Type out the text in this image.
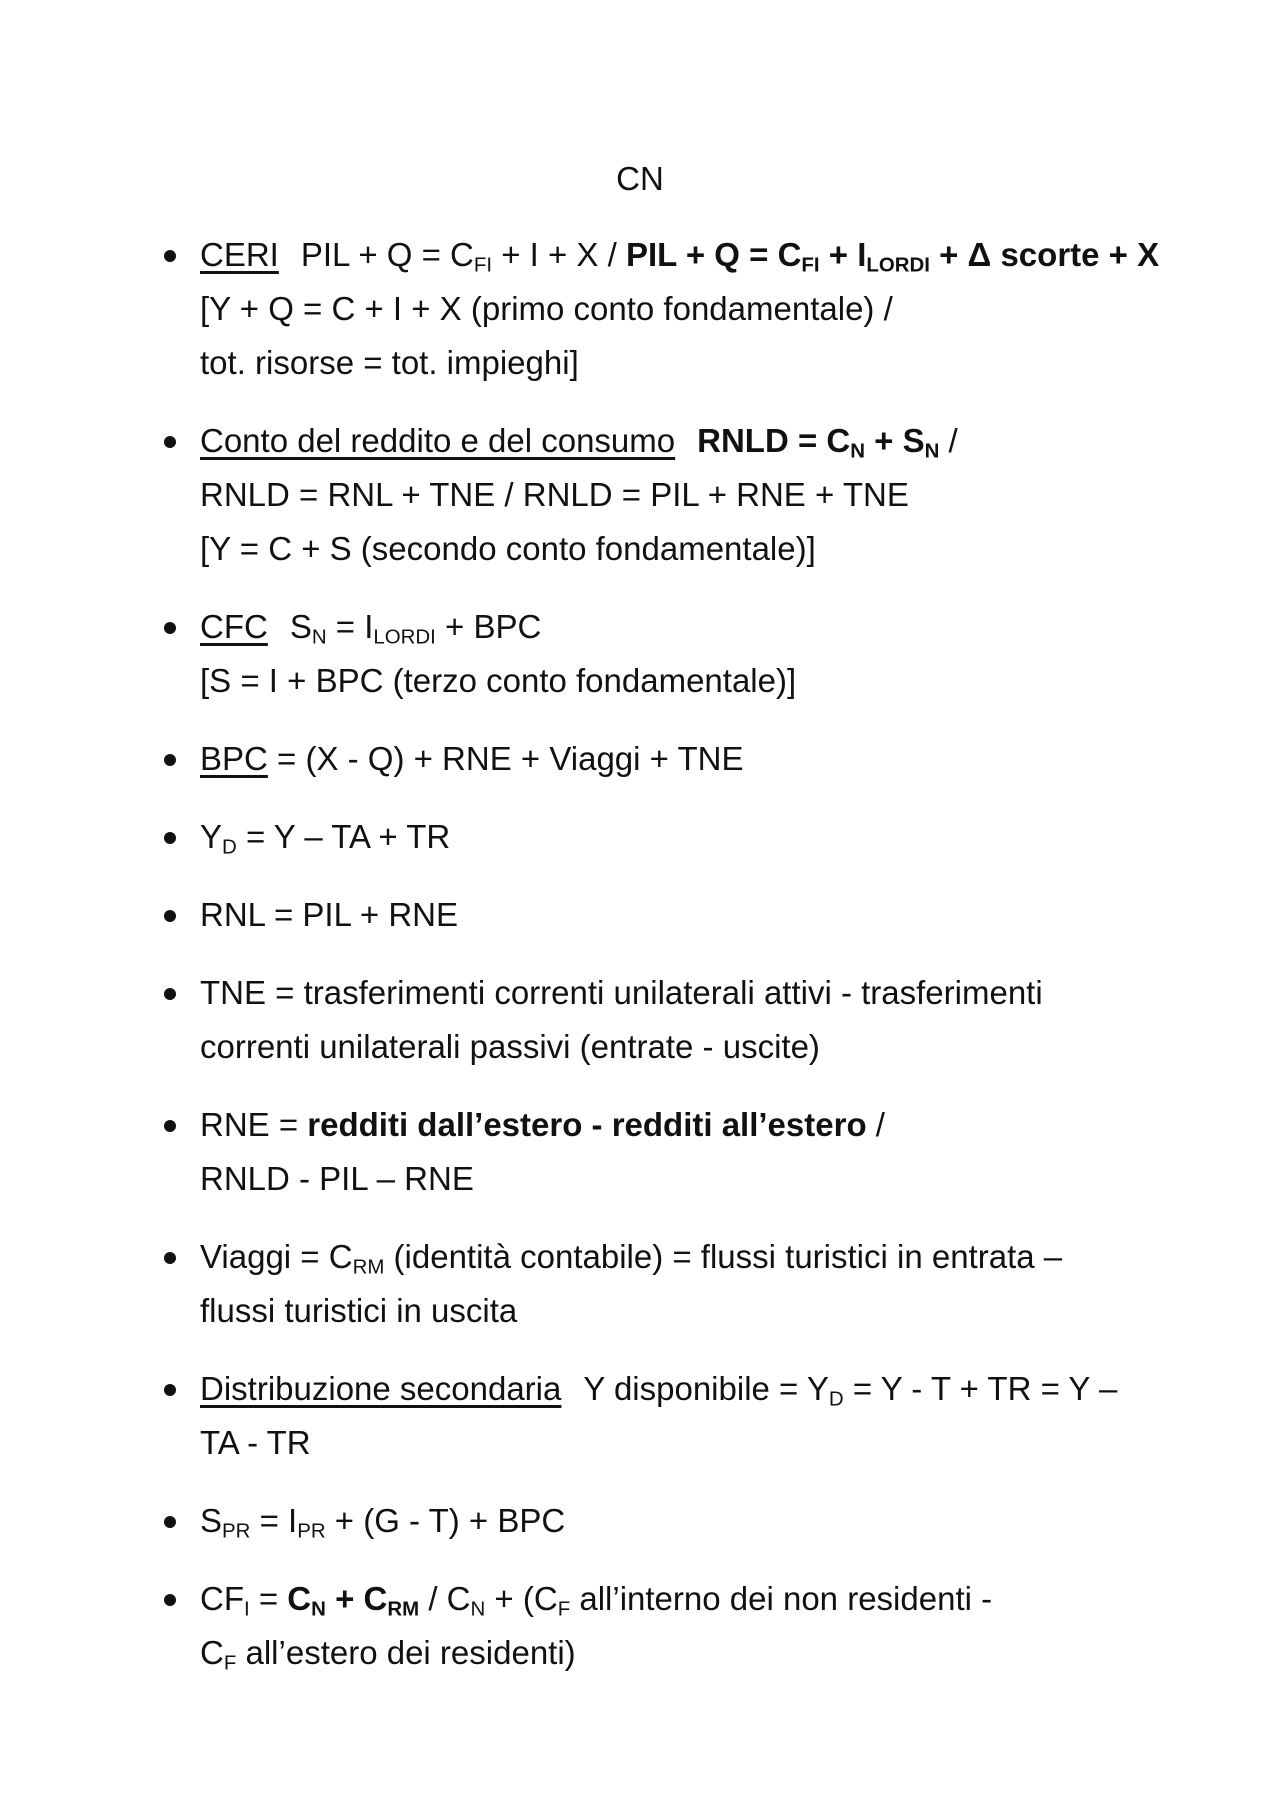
CN
CERI PIL + Q = CFI + I + X / PIL + Q = CFI + ILORDI + Δ scorte + X
[Y + Q = C + I + X (primo conto fondamentale) /
tot. risorse = tot. impieghi]
Conto del reddito e del consumo RNLD = CN + SN /
RNLD = RNL + TNE / RNLD = PIL + RNE + TNE
[Y = C + S (secondo conto fondamentale)]
CFC SN = ILORDI + BPC
[S = I + BPC (terzo conto fondamentale)]
BPC = (X - Q) + RNE + Viaggi + TNE
YD = Y – TA + TR
RNL = PIL + RNE
TNE = trasferimenti correnti unilaterali attivi - trasferimenti
correnti unilaterali passivi (entrate - uscite)
RNE = redditi dall’estero - redditi all’estero /
RNLD - PIL – RNE
Viaggi = CRM (identità contabile) = flussi turistici in entrata –
flussi turistici in uscita
Distribuzione secondaria Y disponibile = YD = Y - T + TR = Y –
TA - TR
SPR = IPR + (G - T) + BPC
CFI = CN + CRM / CN + (CF all’interno dei non residenti -
CF all’estero dei residenti)
